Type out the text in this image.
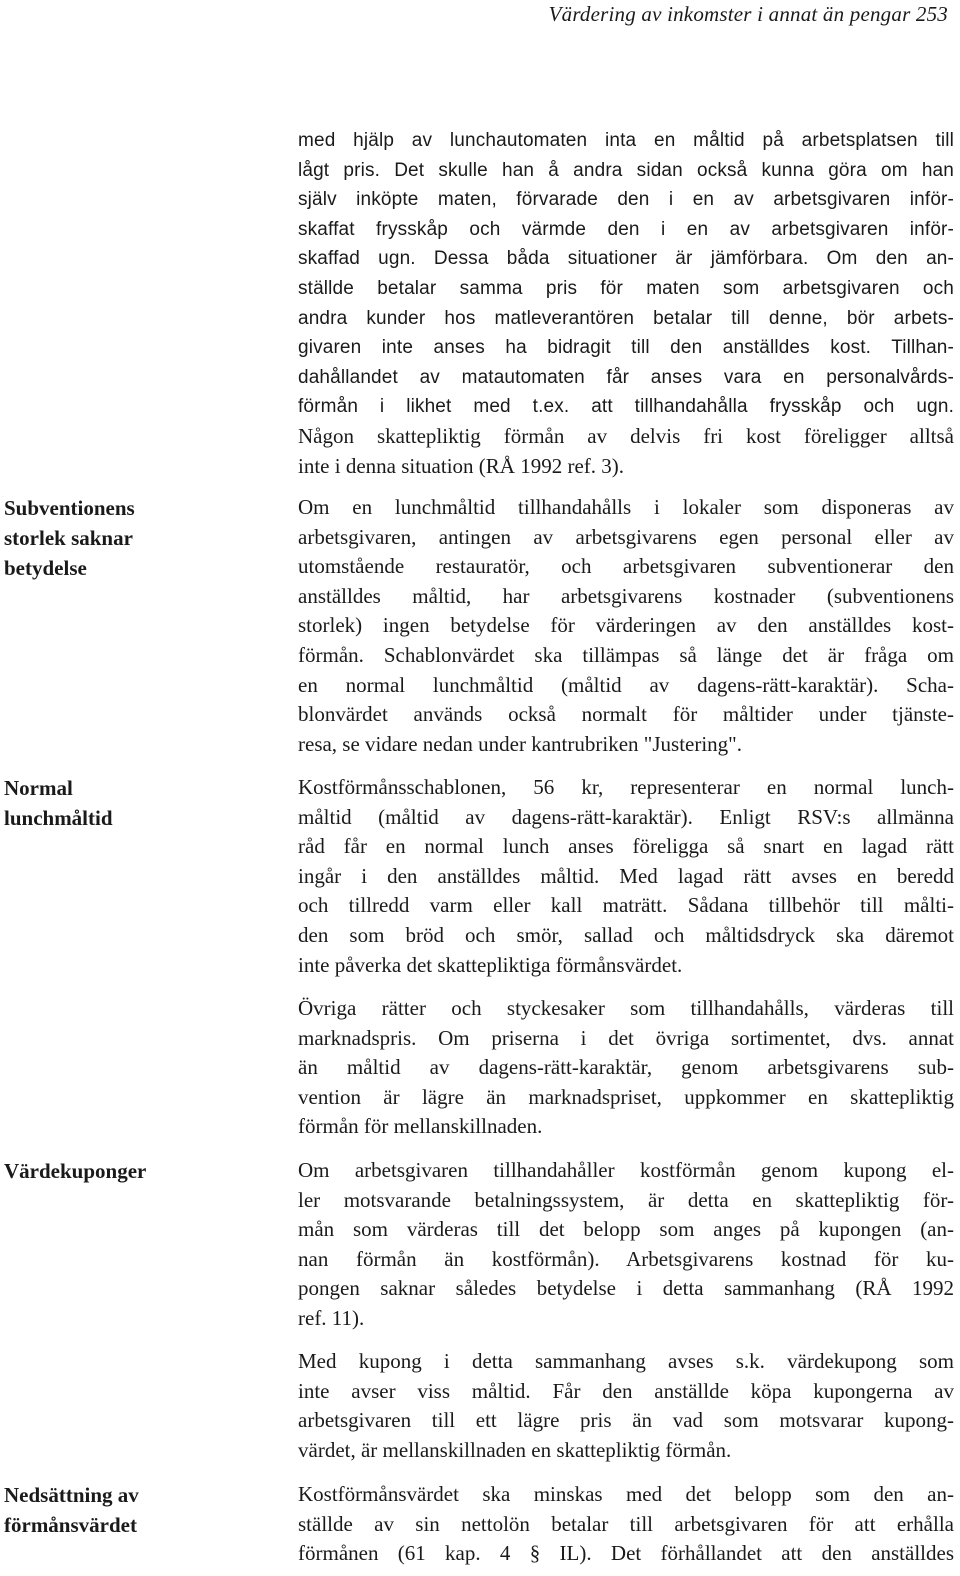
Värdering av inkomster i annat än pengar 253
Subventionens
storlek saknar
betydelse
Normal
lunchmåltid
Värdekuponger
Nedsättning av
förmånsvärdet
med hjälp av lunchautomaten inta en måltid på arbetsplatsen till
lågt pris. Det skulle han å andra sidan också kunna göra om han
själv inköpte maten, förvarade den i en av arbetsgivaren inför-
skaffat frysskåp och värmde den i en av arbetsgivaren inför-
skaffad ugn. Dessa båda situationer är jämförbara. Om den an-
ställde betalar samma pris för maten som arbetsgivaren och
andra kunder hos matleverantören betalar till denne, bör arbets-
givaren inte anses ha bidragit till den anställdes kost. Tillhan-
dahållandet av matautomaten får anses vara en personalvårds-
förmån i likhet med t.ex. att tillhandahålla frysskåp och ugn.
Någon skattepliktig förmån av delvis fri kost föreligger alltså
inte i denna situation (RÅ 1992 ref. 3).
Om en lunchmåltid tillhandahålls i lokaler som disponeras av
arbetsgivaren, antingen av arbetsgivarens egen personal eller av
utomstående restauratör, och arbetsgivaren subventionerar den
anställdes måltid, har arbetsgivarens kostnader (subventionens
storlek) ingen betydelse för värderingen av den anställdes kost-
förmån. Schablonvärdet ska tillämpas så länge det är fråga om
en normal lunchmåltid (måltid av dagens-rätt-karaktär). Scha-
blonvärdet används också normalt för måltider under tjänste-
resa, se vidare nedan under kantrubriken "Justering".
Kostförmånsschablonen, 56 kr, representerar en normal lunch-
måltid (måltid av dagens-rätt-karaktär). Enligt RSV:s allmänna
råd får en normal lunch anses föreligga så snart en lagad rätt
ingår i den anställdes måltid. Med lagad rätt avses en beredd
och tillredd varm eller kall maträtt. Sådana tillbehör till målti-
den som bröd och smör, sallad och måltidsdryck ska däremot
inte påverka det skattepliktiga förmånsvärdet.
Övriga rätter och styckesaker som tillhandahålls, värderas till
marknadspris. Om priserna i det övriga sortimentet, dvs. annat
än måltid av dagens-rätt-karaktär, genom arbetsgivarens sub-
vention är lägre än marknadspriset, uppkommer en skattepliktig
förmån för mellanskillnaden.
Om arbetsgivaren tillhandahåller kostförmån genom kupong el-
ler motsvarande betalningssystem, är detta en skattepliktig för-
mån som värderas till det belopp som anges på kupongen (an-
nan förmån än kostförmån). Arbetsgivarens kostnad för ku-
pongen saknar således betydelse i detta sammanhang (RÅ 1992
ref. 11).
Med kupong i detta sammanhang avses s.k. värdekupong som
inte avser viss måltid. Får den anställde köpa kupongerna av
arbetsgivaren till ett lägre pris än vad som motsvarar kupong-
värdet, är mellanskillnaden en skattepliktig förmån.
Kostförmånsvärdet ska minskas med det belopp som den an-
ställde av sin nettolön betalar till arbetsgivaren för att erhålla
förmånen (61 kap. 4 § IL). Det förhållandet att den anställdes
